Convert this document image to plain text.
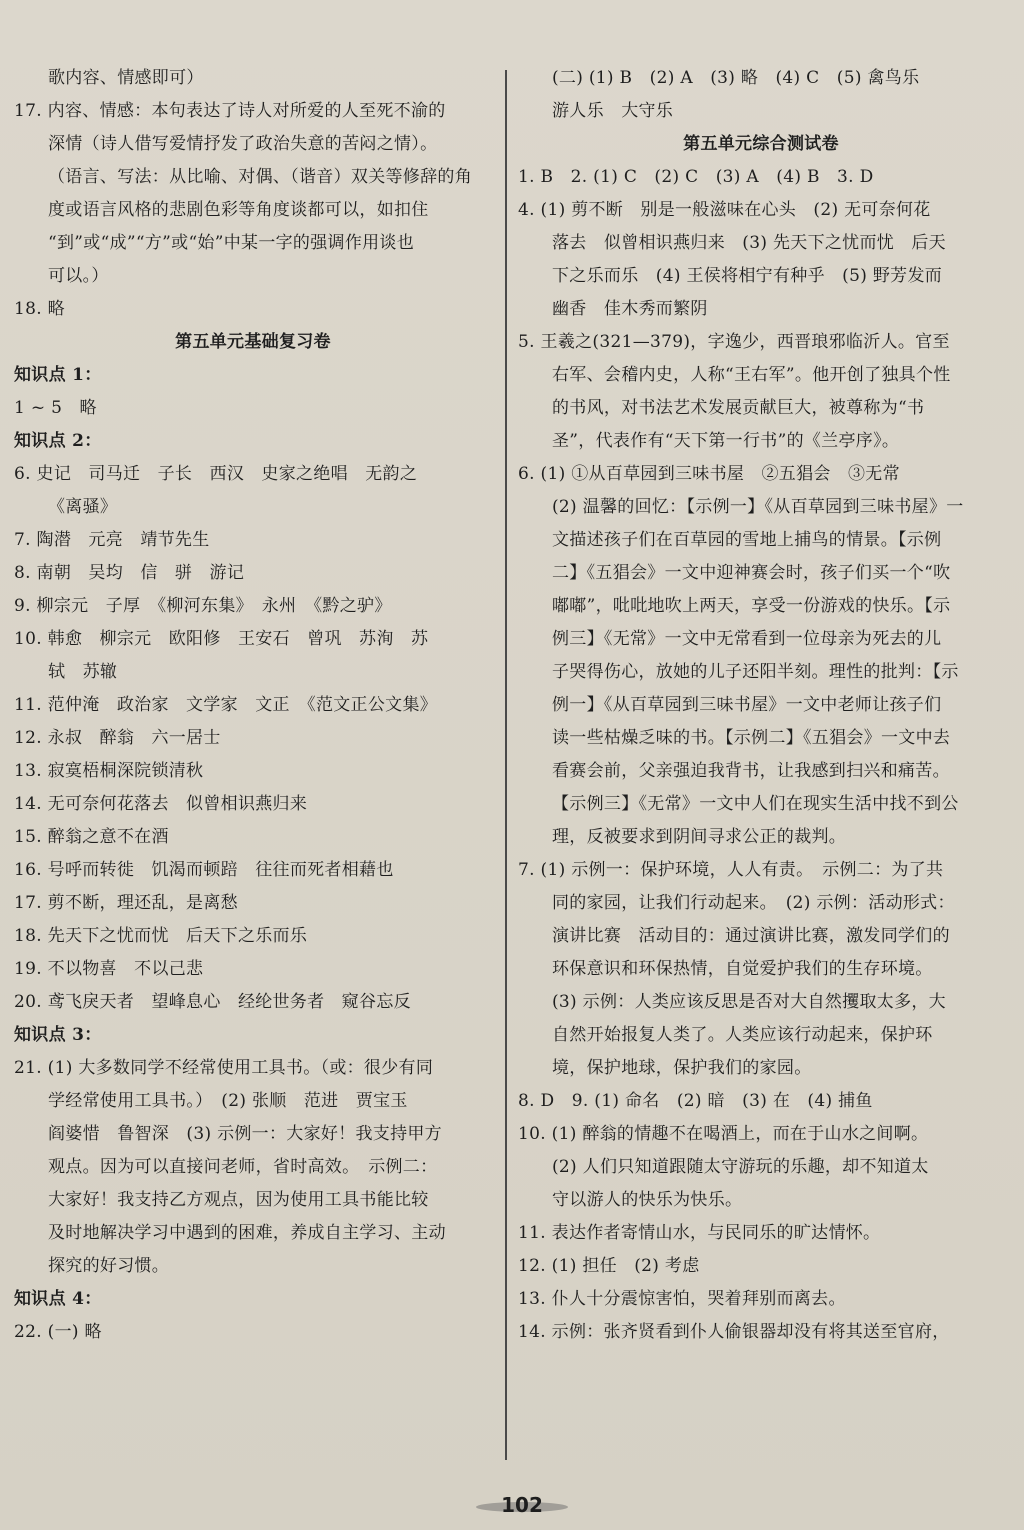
歌内容、情感即可）
17. 内容、情感：本句表达了诗人对所爱的人至死不渝的
深情（诗人借写爱情抒发了政治失意的苦闷之情）。
（语言、写法：从比喻、对偶、（谐音）双关等修辞的角
度或语言风格的悲剧色彩等角度谈都可以，如扣住
“到”或“成”“方”或“始”中某一字的强调作用谈也
可以。）
18. 略
第五单元基础复习卷
知识点 1：
1 ~ 5　略
知识点 2：
6. 史记　司马迁　子长　西汉　史家之绝唱　无韵之
《离骚》
7. 陶潜　元亮　靖节先生
8. 南朝　吴均　信　骈　游记
9. 柳宗元　子厚　《柳河东集》　永州　《黔之驴》
10. 韩愈　柳宗元　欧阳修　王安石　曾巩　苏洵　苏
轼　苏辙
11. 范仲淹　政治家　文学家　文正　《范文正公文集》
12. 永叔　醉翁　六一居士
13. 寂寞梧桐深院锁清秋
14. 无可奈何花落去　似曾相识燕归来
15. 醉翁之意不在酒
16. 号呼而转徙　饥渴而顿踣　往往而死者相藉也
17. 剪不断，理还乱，是离愁
18. 先天下之忧而忧　后天下之乐而乐
19. 不以物喜　不以己悲
20. 鸢飞戾天者　望峰息心　经纶世务者　窥谷忘反
知识点 3：
21. (1) 大多数同学不经常使用工具书。（或：很少有同
学经常使用工具书。）　(2) 张顺　范进　贾宝玉
阎婆惜　鲁智深　(3) 示例一：大家好！我支持甲方
观点。因为可以直接问老师，省时高效。　示例二：
大家好！我支持乙方观点，因为使用工具书能比较
及时地解决学习中遇到的困难，养成自主学习、主动
探究的好习惯。
知识点 4：
22. (一) 略
(二) (1) B　(2) A　(3) 略　(4) C　(5) 禽鸟乐
游人乐　大守乐
第五单元综合测试卷
1. B　2. (1) C　(2) C　(3) A　(4) B　3. D
4. (1) 剪不断　别是一般滋味在心头　(2) 无可奈何花
落去　似曾相识燕归来　(3) 先天下之忧而忧　后天
下之乐而乐　(4) 王侯将相宁有种乎　(5) 野芳发而
幽香　佳木秀而繁阴
5. 王羲之(321—379)，字逸少，西晋琅邪临沂人。官至
右军、会稽内史，人称“王右军”。他开创了独具个性
的书风，对书法艺术发展贡献巨大，被尊称为“书
圣”，代表作有“天下第一行书”的《兰亭序》。
6. (1) ①从百草园到三味书屋　②五猖会　③无常
(2) 温馨的回忆：【示例一】《从百草园到三味书屋》一
文描述孩子们在百草园的雪地上捕鸟的情景。【示例
二】《五猖会》一文中迎神赛会时，孩子们买一个“吹
嘟嘟”，吡吡地吹上两天，享受一份游戏的快乐。【示
例三】《无常》一文中无常看到一位母亲为死去的儿
子哭得伤心，放她的儿子还阳半刻。理性的批判：【示
例一】《从百草园到三味书屋》一文中老师让孩子们
读一些枯燥乏味的书。【示例二】《五猖会》一文中去
看赛会前，父亲强迫我背书，让我感到扫兴和痛苦。
【示例三】《无常》一文中人们在现实生活中找不到公
理，反被要求到阴间寻求公正的裁判。
7. (1) 示例一：保护环境，人人有责。　示例二：为了共
同的家园，让我们行动起来。　(2) 示例：活动形式：
演讲比赛　活动目的：通过演讲比赛，激发同学们的
环保意识和环保热情，自觉爱护我们的生存环境。
(3) 示例：人类应该反思是否对大自然攫取太多，大
自然开始报复人类了。人类应该行动起来，保护环
境，保护地球，保护我们的家园。
8. D　9. (1) 命名　(2) 暗　(3) 在　(4) 捕鱼
10. (1) 醉翁的情趣不在喝酒上，而在于山水之间啊。
(2) 人们只知道跟随太守游玩的乐趣，却不知道太
守以游人的快乐为快乐。
11. 表达作者寄情山水，与民同乐的旷达情怀。
12. (1) 担任　(2) 考虑
13. 仆人十分震惊害怕，哭着拜别而离去。
14. 示例：张齐贤看到仆人偷银器却没有将其送至官府，
102
